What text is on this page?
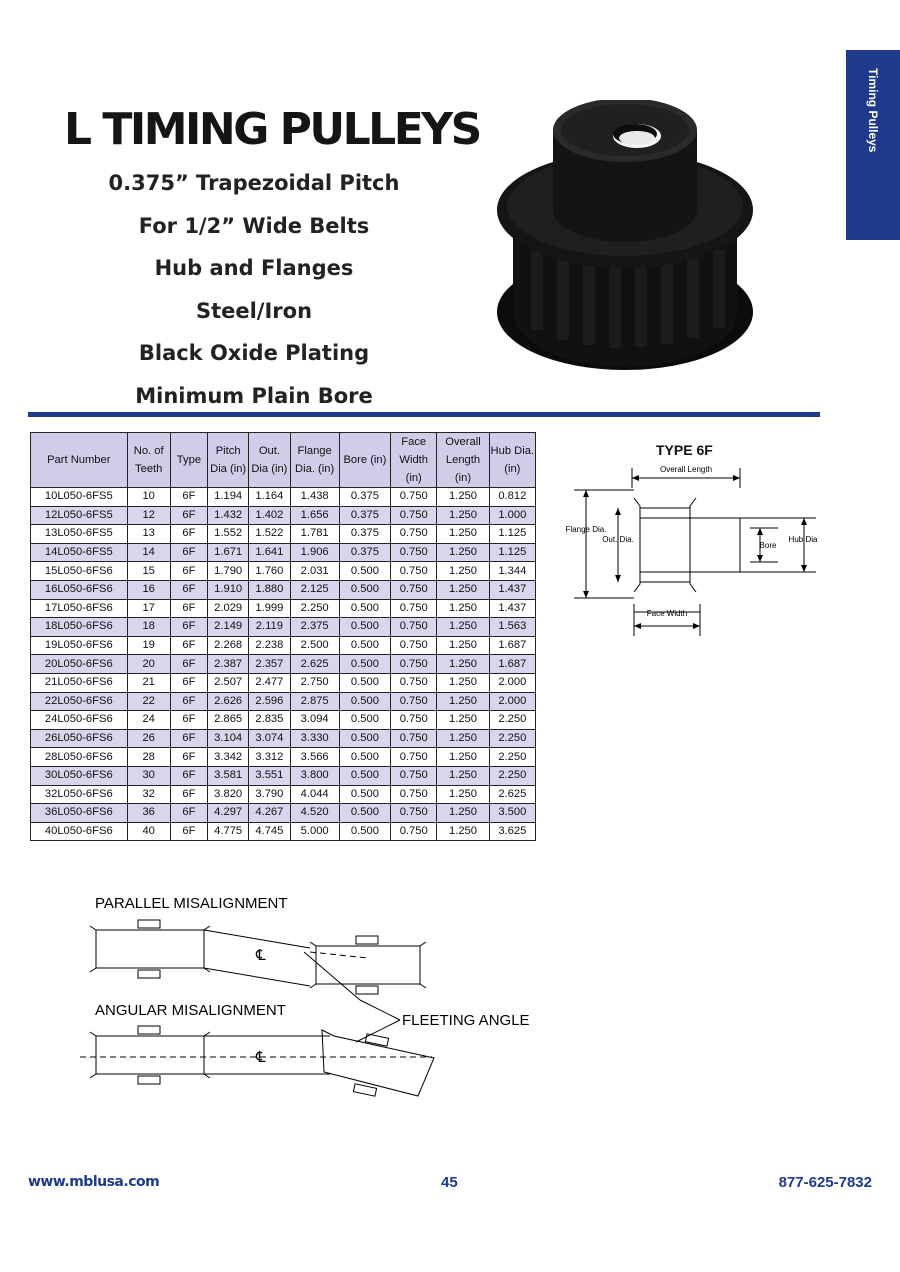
Timing Pulleys
L TIMING PULLEYS
0.375” Trapezoidal Pitch
For 1/2” Wide Belts
Hub and Flanges
Steel/Iron
Black Oxide Plating
Minimum Plain Bore
Part Number	No. of Teeth	Type	Pitch Dia (in)	Out. Dia (in)	Flange Dia. (in)	Bore (in)	Face Width (in)	Overall Length (in)	Hub Dia. (in)
10L050-6FS5	10	6F	1.194	1.164	1.438	0.375	0.750	1.250	0.812
12L050-6FS5	12	6F	1.432	1.402	1.656	0.375	0.750	1.250	1.000
13L050-6FS5	13	6F	1.552	1.522	1.781	0.375	0.750	1.250	1.125
14L050-6FS5	14	6F	1.671	1.641	1.906	0.375	0.750	1.250	1.125
15L050-6FS6	15	6F	1.790	1.760	2.031	0.500	0.750	1.250	1.344
16L050-6FS6	16	6F	1.910	1.880	2.125	0.500	0.750	1.250	1.437
17L050-6FS6	17	6F	2.029	1.999	2.250	0.500	0.750	1.250	1.437
18L050-6FS6	18	6F	2.149	2.119	2.375	0.500	0.750	1.250	1.563
19L050-6FS6	19	6F	2.268	2.238	2.500	0.500	0.750	1.250	1.687
20L050-6FS6	20	6F	2.387	2.357	2.625	0.500	0.750	1.250	1.687
21L050-6FS6	21	6F	2.507	2.477	2.750	0.500	0.750	1.250	2.000
22L050-6FS6	22	6F	2.626	2.596	2.875	0.500	0.750	1.250	2.000
24L050-6FS6	24	6F	2.865	2.835	3.094	0.500	0.750	1.250	2.250
26L050-6FS6	26	6F	3.104	3.074	3.330	0.500	0.750	1.250	2.250
28L050-6FS6	28	6F	3.342	3.312	3.566	0.500	0.750	1.250	2.250
30L050-6FS6	30	6F	3.581	3.551	3.800	0.500	0.750	1.250	2.250
32L050-6FS6	32	6F	3.820	3.790	4.044	0.500	0.750	1.250	2.625
36L050-6FS6	36	6F	4.297	4.267	4.520	0.500	0.750	1.250	3.500
40L050-6FS6	40	6F	4.775	4.745	5.000	0.500	0.750	1.250	3.625
TYPE 6F
Overall Length
Flange Dia.
Out. Dia.
Bore
Hub Dia
Face Width
PARALLEL MISALIGNMENT
℄
ANGULAR MISALIGNMENT
FLEETING ANGLE
℄
www.mblusa.com	45	877-625-7832
